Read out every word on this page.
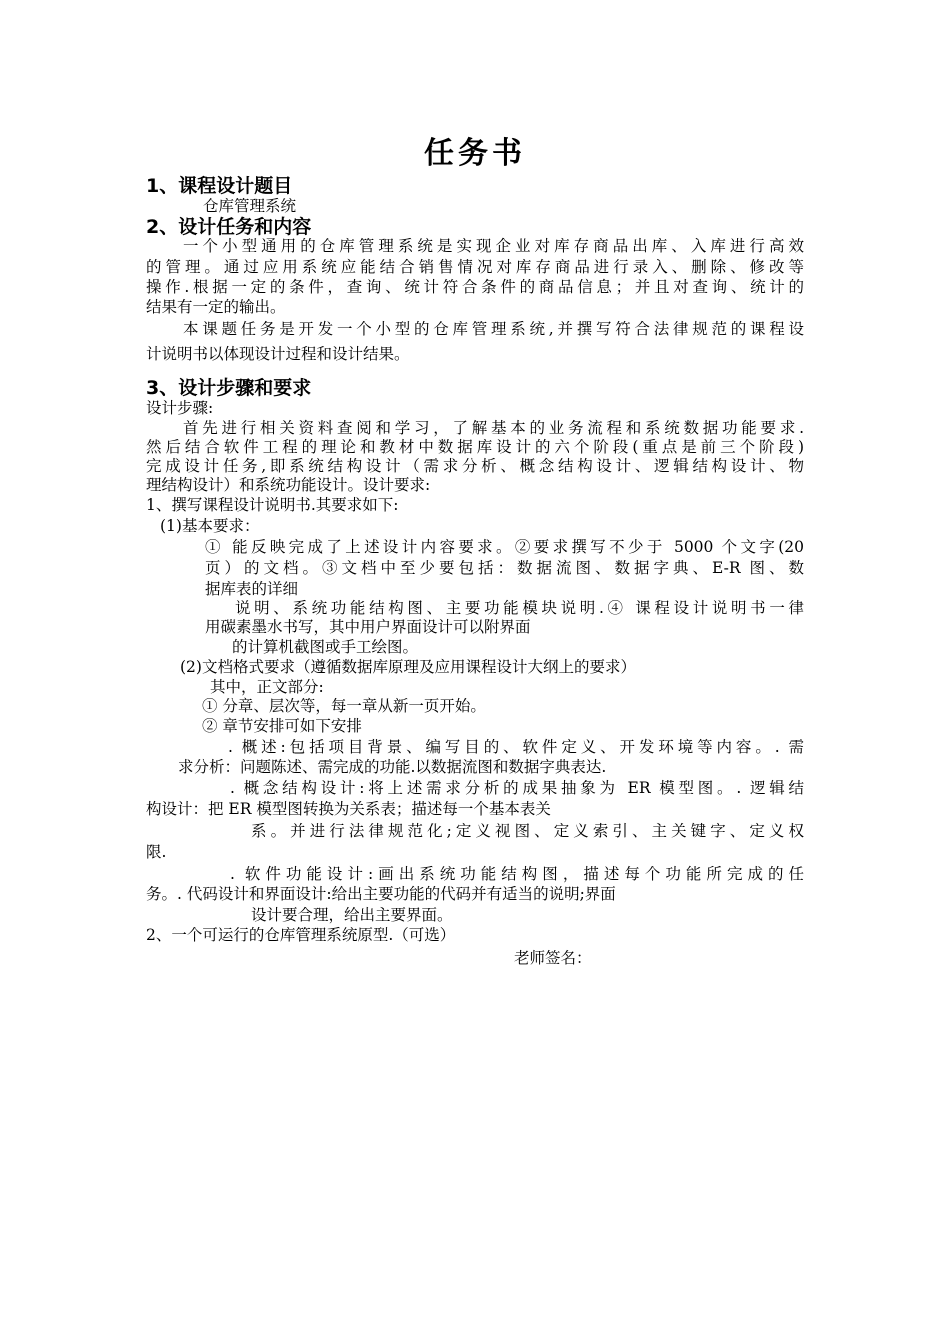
任务书
1、课程设计题目
仓库管理系统
2、设计任务和内容
一个小型通用的仓库管理系统是实现企业对库存商品出库、入库进行高效
的管理。通过应用系统应能结合销售情况对库存商品进行录入、删除、修改等
操作.根据一定的条件，查询、统计符合条件的商品信息；并且对查询、统计的
结果有一定的输出。
本课题任务是开发一个小型的仓库管理系统,并撰写符合法律规范的课程设
计说明书以体现设计过程和设计结果。
3、设计步骤和要求
设计步骤:
首先进行相关资料查阅和学习，了解基本的业务流程和系统数据功能要求.
然后结合软件工程的理论和教材中数据库设计的六个阶段(重点是前三个阶段)
完成设计任务,即系统结构设计（需求分析、概念结构设计、逻辑结构设计、物
理结构设计）和系统功能设计。设计要求:
1、撰写课程设计说明书.其要求如下:
(1)基本要求：
① 能反映完成了上述设计内容要求。②要求撰写不少于 5000 个文字(20
页）的文档。③文档中至少要包括：数据流图、数据字典、E-R 图、数
据库表的详细
说明、系统功能结构图、主要功能模块说明.④ 课程设计说明书一律
用碳素墨水书写，其中用户界面设计可以附界面
的计算机截图或手工绘图。
(2)文档格式要求（遵循数据库原理及应用课程设计大纲上的要求）
其中，正文部分:
① 分章、层次等，每一章从新一页开始。
② 章节安排可如下安排
. 概述:包括项目背景、编写目的、软件定义、开发环境等内容。. 需
求分析：问题陈述、需完成的功能.以数据流图和数据字典表达.
. 概念结构设计:将上述需求分析的成果抽象为 ER 模型图。. 逻辑结
构设计：把 ER 模型图转换为关系表；描述每一个基本表关
系。并进行法律规范化;定义视图、定义索引、主关键字、定义权
限.
. 软件功能设计:画出系统功能结构图，描述每个功能所完成的任
务。. 代码设计和界面设计:给出主要功能的代码并有适当的说明;界面
设计要合理，给出主要界面。
2、一个可运行的仓库管理系统原型.（可选）
老师签名：
